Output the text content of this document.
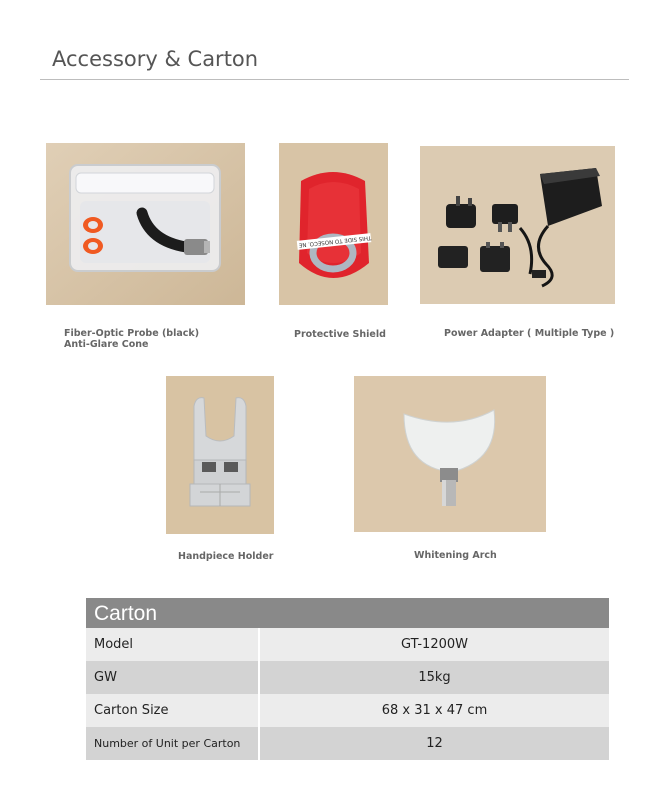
Accessory & Carton
THIS SIDE TO NOSECO. NE
Fiber-Optic Probe (black)
Anti-Glare Cone
Protective Shield	Power Adapter ( Multiple Type )
Handpiece Holder	Whitening Arch
Carton
Model	GT-1200W
GW	15kg
Carton Size	68 x 31 x 47 cm
Number of Unit per Carton	12
